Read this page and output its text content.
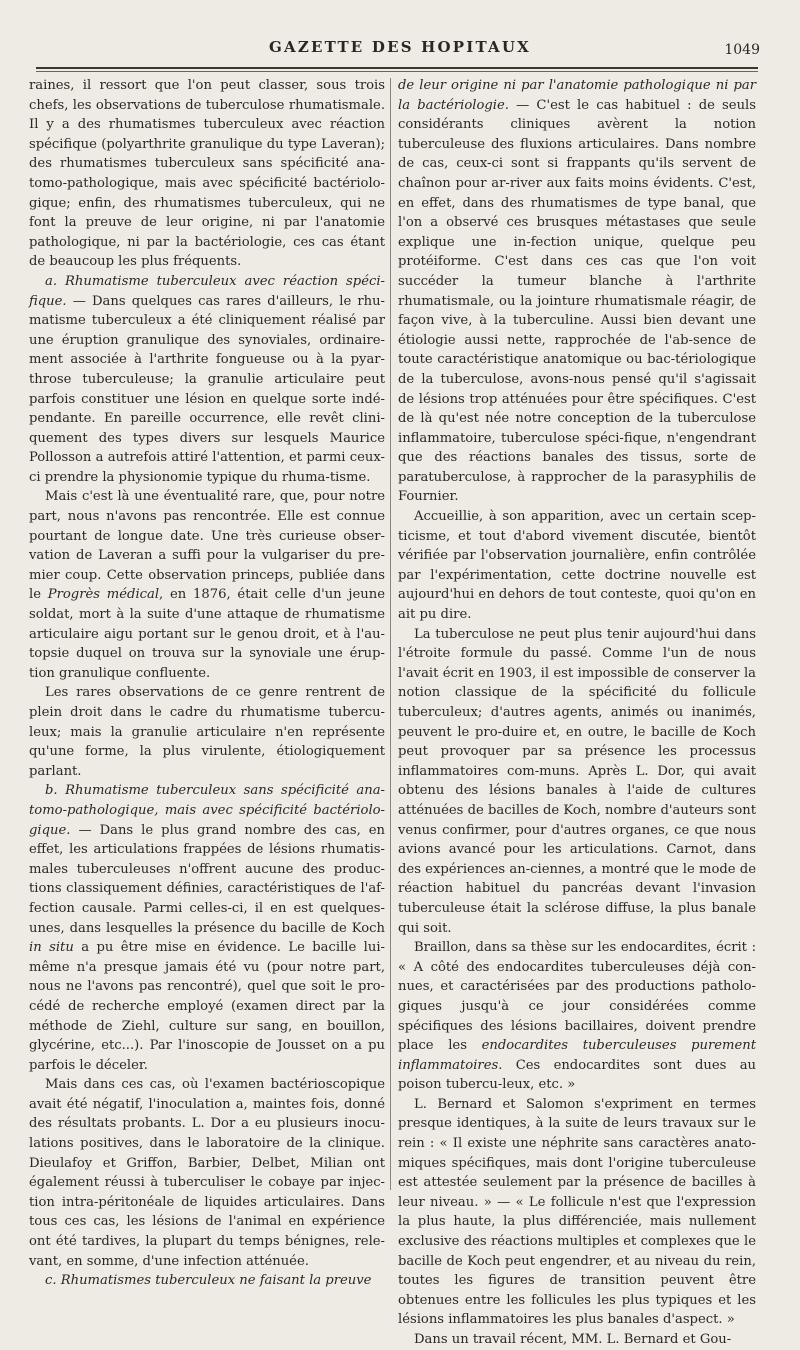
GAZETTE DES HOPITAUX	1049

raines, il ressort que l'on peut classer, sous trois chefs, les observations de tuberculose rhumatismale. Il y a des rhumatismes tuberculeux avec réaction spécifique (polyarthrite granulique du type Laveran); des rhumatismes tuberculeux sans spécificité ana-tomo-pathologique, mais avec spécificité bactériolo-gique; enfin, des rhumatismes tuberculeux, qui ne font la preuve de leur origine, ni par l'anatomie pathologique, ni par la bactériologie, ces cas étant de beaucoup les plus fréquents.

a. Rhumatisme tuberculeux avec réaction spéci-fique. — Dans quelques cas rares d'ailleurs, le rhu-matisme tuberculeux a été cliniquement réalisé par une éruption granulique des synoviales, ordinaire-ment associée à l'arthrite fongueuse ou à la pyar-throse tuberculeuse; la granulie articulaire peut parfois constituer une lésion en quelque sorte indé-pendante. En pareille occurrence, elle revêt clini-quement des types divers sur lesquels Maurice Pollosson a autrefois attiré l'attention, et parmi ceux-ci prendre la physionomie typique du rhuma-tisme.

Mais c'est là une éventualité rare, que, pour notre part, nous n'avons pas rencontrée. Elle est connue pourtant de longue date. Une très curieuse obser-vation de Laveran a suffi pour la vulgariser du pre-mier coup. Cette observation princeps, publiée dans le Progrès médical, en 1876, était celle d'un jeune soldat, mort à la suite d'une attaque de rhumatisme articulaire aigu portant sur le genou droit, et à l'au-topsie duquel on trouva sur la synoviale une érup-tion granulique confluente.

Les rares observations de ce genre rentrent de plein droit dans le cadre du rhumatisme tubercu-leux; mais la granulie articulaire n'en représente qu'une forme, la plus virulente, étiologiquement parlant.

b. Rhumatisme tuberculeux sans spécificité ana-tomo-pathologique, mais avec spécificité bactériolo-gique. — Dans le plus grand nombre des cas, en effet, les articulations frappées de lésions rhumatis-males tuberculeuses n'offrent aucune des produc-tions classiquement définies, caractéristiques de l'af-fection causale. Parmi celles-ci, il en est quelques-unes, dans lesquelles la présence du bacille de Koch in situ a pu être mise en évidence. Le bacille lui-même n'a presque jamais été vu (pour notre part, nous ne l'avons pas rencontré), quel que soit le pro-cédé de recherche employé (examen direct par la méthode de Ziehl, culture sur sang, en bouillon, glycérine, etc...). Par l'inoscopie de Jousset on a pu parfois le déceler.

Mais dans ces cas, où l'examen bactérioscopique avait été négatif, l'inoculation a, maintes fois, donné des résultats probants. L. Dor a eu plusieurs inocu-lations positives, dans le laboratoire de la clinique. Dieulafoy et Griffon, Barbier, Delbet, Milian ont également réussi à tuberculiser le cobaye par injec-tion intra-péritonéale de liquides articulaires. Dans tous ces cas, les lésions de l'animal en expérience ont été tardives, la plupart du temps bénignes, rele-vant, en somme, d'une infection atténuée.

c. Rhumatismes tuberculeux ne faisant la preuve

de leur origine ni par l'anatomie pathologique ni par la bactériologie. — C'est le cas habituel : de seuls considérants cliniques avèrent la notion tuberculeuse des fluxions articulaires. Dans nombre de cas, ceux-ci sont si frappants qu'ils servent de chaînon pour ar-river aux faits moins évidents. C'est, en effet, dans des rhumatismes de type banal, que l'on a observé ces brusques métastases que seule explique une in-fection unique, quelque peu protéiforme. C'est dans ces cas que l'on voit succéder la tumeur blanche à l'arthrite rhumatismale, ou la jointure rhumatismale réagir, de façon vive, à la tuberculine. Aussi bien devant une étiologie aussi nette, rapprochée de l'ab-sence de toute caractéristique anatomique ou bac-tériologique de la tuberculose, avons-nous pensé qu'il s'agissait de lésions trop atténuées pour être spécifiques. C'est de là qu'est née notre conception de la tuberculose inflammatoire, tuberculose spéci-fique, n'engendrant que des réactions banales des tissus, sorte de paratuberculose, à rapprocher de la parasyphilis de Fournier.

Accueillie, à son apparition, avec un certain scep-ticisme, et tout d'abord vivement discutée, bientôt vérifiée par l'observation journalière, enfin contrôlée par l'expérimentation, cette doctrine nouvelle est aujourd'hui en dehors de tout conteste, quoi qu'on en ait pu dire.

La tuberculose ne peut plus tenir aujourd'hui dans l'étroite formule du passé. Comme l'un de nous l'avait écrit en 1903, il est impossible de conserver la notion classique de la spécificité du follicule tuberculeux; d'autres agents, animés ou inanimés, peuvent le pro-duire et, en outre, le bacille de Koch peut provoquer par sa présence les processus inflammatoires com-muns. Après L. Dor, qui avait obtenu des lésions banales à l'aide de cultures atténuées de bacilles de Koch, nombre d'auteurs sont venus confirmer, pour d'autres organes, ce que nous avions avancé pour les articulations. Carnot, dans des expériences an-ciennes, a montré que le mode de réaction habituel du pancréas devant l'invasion tuberculeuse était la sclérose diffuse, la plus banale qui soit.

Braillon, dans sa thèse sur les endocardites, écrit : « A côté des endocardites tuberculeuses déjà con-nues, et caractérisées par des productions patholo-giques jusqu'à ce jour considérées comme spécifiques des lésions bacillaires, doivent prendre place les endocardites tuberculeuses purement inflammatoires. Ces endocardites sont dues au poison tubercu-leux, etc. »

L. Bernard et Salomon s'expriment en termes presque identiques, à la suite de leurs travaux sur le rein : « Il existe une néphrite sans caractères anato-miques spécifiques, mais dont l'origine tuberculeuse est attestée seulement par la présence de bacilles à leur niveau. » — « Le follicule n'est que l'expression la plus haute, la plus différenciée, mais nullement exclusive des réactions multiples et complexes que le bacille de Koch peut engendrer, et au niveau du rein, toutes les figures de transition peuvent être obtenues entre les follicules les plus typiques et les lésions inflammatoires les plus banales d'aspect. »

Dans un travail récent, MM. L. Bernard et Gou-
